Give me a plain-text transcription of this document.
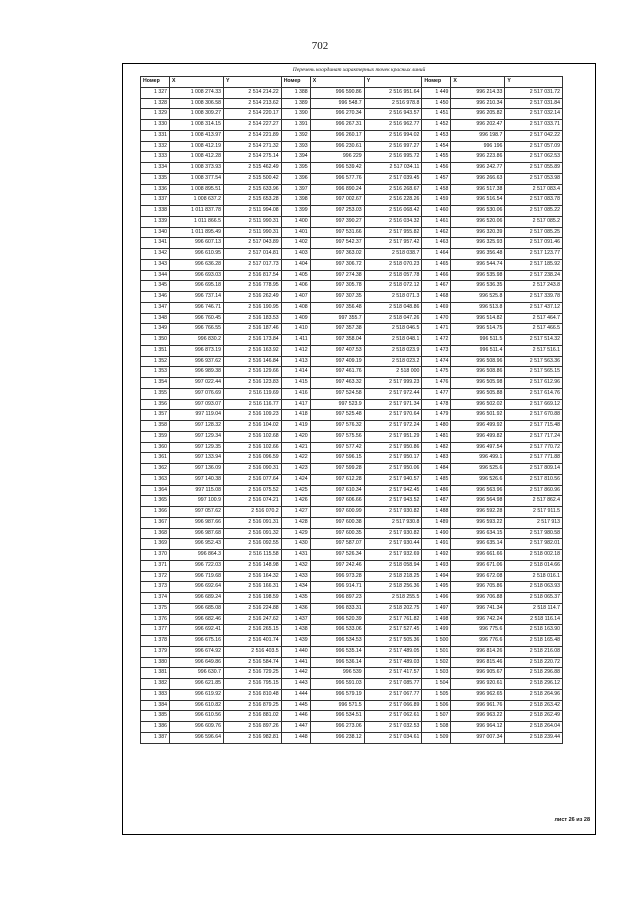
702
Перечень координат характерных точек красных линий
Номер	X	Y	Номер	X	Y	Номер	X	Y
1 327	1 008 274.33	2 514 214.22	1 388	996 590.86	2 516 951.64	1 449	996 214.33	2 517 031.72
1 328	1 008 306.58	2 514 213.62	1 389	996 548.7	2 516 978.8	1 450	996 210.34	2 517 031.84
1 329	1 008 309.27	2 514 220.17	1 390	996 270.34	2 516 943.57	1 451	996 205.82	2 517 032.14
1 330	1 008 314.15	2 514 227.27	1 391	996 267.31	2 516 962.77	1 452	996 202.47	2 517 033.71
1 331	1 008 413.97	2 514 221.89	1 392	996 260.17	2 516 994.02	1 453	996 198.7	2 517 042.22
1 332	1 008 412.19	2 514 271.32	1 393	996 230.61	2 516 997.27	1 454	996 196	2 517 057.09
1 333	1 008 412.28	2 514 275.14	1 394	996 229	2 516 995.72	1 455	996 223.86	2 517 062.53
1 334	1 008 373.93	2 515 462.49	1 395	996 539.42	2 517 034.11	1 456	996 242.77	2 517 055.89
1 335	1 008 377.54	2 515 500.42	1 396	996 577.76	2 517 039.45	1 457	996 266.63	2 517 053.98
1 336	1 008 895.51	2 515 633.96	1 397	996 890.24	2 516 268.67	1 458	996 517.38	2 517 083.4
1 337	1 008 637.2	2 515 653.28	1 398	997 002.67	2 516 228.26	1 459	996 516.54	2 517 083.78
1 338	1 011 837.78	2 511 994.08	1 399	997 253.03	2 516 068.42	1 460	996 530.06	2 517 085.22
1 339	1 011 866.5	2 511 990.31	1 400	997 390.27	2 516 034.32	1 461	996 520.06	2 517 085.2
1 340	1 011 895.49	2 511 990.31	1 401	997 531.66	2 517 955.82	1 462	996 320.39	2 517 085.25
1 341	996 607.13	2 517 043.89	1 402	997 542.37	2 517 957.42	1 463	996 325.93	2 517 091.46
1 342	996 610.95	2 517 014.81	1 403	997 363.02	2 518 038.7	1 464	996 356.48	2 517 123.77
1 343	996 636.28	2 517 017.73	1 404	997 306.72	2 518 070.23	1 465	996 544.74	2 517 185.92
1 344	996 693.03	2 516 817.54	1 405	997 274.38	2 518 057.78	1 466	996 535.98	2 517 238.24
1 345	996 695.18	2 516 778.95	1 406	997 305.78	2 518 072.12	1 467	996 536.35	2 517 243.8
1 346	996 737.14	2 516 262.49	1 407	997 307.35	2 518 071.3	1 468	996 525.8	2 517 339.78
1 347	996 746.71	2 516 190.95	1 408	997 356.48	2 518 048.86	1 469	996 513.8	2 517 437.12
1 348	996 760.45	2 516 183.53	1 409	997 355.7	2 518 047.26	1 470	996 514.82	2 517 464.7
1 349	996 766.55	2 516 187.46	1 410	997 357.38	2 518 046.5	1 471	996 514.75	2 517 466.5
1 350	996 830.2	2 516 173.84	1 411	997 358.04	2 518 048.1	1 472	996 511.5	2 517 514.32
1 351	996 873.19	2 516 163.92	1 412	997 407.53	2 518 023.9	1 473	996 511.4	2 517 516.1
1 352	996 937.62	2 516 146.84	1 413	997 409.19	2 518 023.2	1 474	996 508.96	2 517 563.36
1 353	996 989.38	2 516 129.66	1 414	997 461.76	2 518 000	1 475	996 508.86	2 517 565.15
1 354	997 022.44	2 516 123.83	1 415	997 463.32	2 517 999.23	1 476	996 505.98	2 517 612.96
1 355	997 076.69	2 516 119.69	1 416	997 524.58	2 517 972.44	1 477	996 505.88	2 517 614.76
1 356	997 093.07	2 516 116.77	1 417	997 523.9	2 517 971.34	1 478	996 502.02	2 517 669.12
1 357	997 119.04	2 516 109.23	1 418	997 525.48	2 517 970.64	1 479	996 501.92	2 517 670.88
1 358	997 128.32	2 516 104.02	1 419	997 576.32	2 517 972.24	1 480	996 499.92	2 517 715.48
1 359	997 129.34	2 516 102.68	1 420	997 575.56	2 517 951.29	1 481	996 499.82	2 517 717.24
1 360	997 129.35	2 516 102.66	1 421	997 577.42	2 517 950.86	1 482	996 497.54	2 517 770.72
1 361	997 133.94	2 516 096.59	1 422	997 596.15	2 517 950.17	1 483	996 499.1	2 517 771.88
1 362	997 136.09	2 516 090.31	1 423	997 599.28	2 517 950.06	1 484	996 525.6	2 517 809.14
1 363	997 140.38	2 516 077.64	1 424	997 612.28	2 517 940.57	1 485	996 526.6	2 517 810.56
1 364	997 115.08	2 516 075.52	1 425	997 610.34	2 517 942.45	1 486	996 563.96	2 517 860.96
1 365	997 100.9	2 516 074.21	1 426	997 606.66	2 517 943.52	1 487	996 564.98	2 517 862.4
1 366	997 057.62	2 516 070.2	1 427	997 600.99	2 517 930.82	1 488	996 592.28	2 517 911.5
1 367	996 987.66	2 516 091.31	1 428	997 600.38	2 517 930.8	1 489	996 593.22	2 517 913
1 368	996 987.68	2 516 091.32	1 429	997 600.35	2 517 930.82	1 490	996 634.15	2 517 980.58
1 369	996 952.43	2 516 092.55	1 430	997 587.07	2 517 930.44	1 491	996 635.14	2 517 982.01
1 370	996 864.3	2 516 115.58	1 431	997 526.34	2 517 932.69	1 492	996 661.66	2 518 002.18
1 371	996 722.03	2 516 148.98	1 432	997 242.46	2 518 058.94	1 493	996 671.06	2 518 014.66
1 372	996 719.68	2 516 164.32	1 433	996 973.28	2 518 218.25	1 494	996 672.08	2 518 016.1
1 373	996 692.64	2 516 166.31	1 434	996 914.71	2 518 256.36	1 495	996 705.86	2 518 063.93
1 374	996 689.24	2 516 198.59	1 435	996 897.23	2 518 255.5	1 496	996 706.88	2 518 065.37
1 375	996 685.08	2 516 224.88	1 436	996 833.31	2 518 202.75	1 497	996 741.34	2 518 114.7
1 376	996 682.46	2 516 247.62	1 437	996 520.39	2 517 761.82	1 498	996 742.24	2 518 116.14
1 377	996 692.41	2 516 265.15	1 438	996 533.06	2 517 527.45	1 499	996 775.6	2 518 163.90
1 378	996 675.16	2 516 401.74	1 439	996 534.53	2 517 505.36	1 500	996 776.6	2 518 165.48
1 379	996 674.92	2 516 403.5	1 440	996 535.14	2 517 489.05	1 501	996 814.26	2 518 216.08
1 380	996 649.86	2 516 584.74	1 441	996 536.14	2 517 489.03	1 502	996 815.46	2 518 220.72
1 381	996 630.7	2 516 729.25	1 442	996 539	2 517 417.57	1 503	996 905.67	2 518 296.88
1 382	996 621.85	2 516 795.15	1 443	996 591.03	2 517 085.77	1 504	996 920.61	2 518 296.12
1 383	996 619.92	2 516 810.48	1 444	996 579.19	2 517 067.77	1 505	996 962.65	2 518 264.96
1 384	996 610.82	2 516 879.25	1 445	996 571.5	2 517 066.89	1 506	996 961.76	2 518 263.42
1 385	996 610.56	2 516 881.02	1 446	996 534.51	2 517 062.61	1 507	996 963.22	2 518 262.49
1 386	996 609.76	2 516 897.26	1 447	996 273.06	2 517 032.53	1 508	996 964.12	2 518 264.04
1 387	996 596.64	2 516 982.81	1 448	996 238.12	2 517 034.61	1 509	997 007.34	2 518 239.44
лист 26 из 28
